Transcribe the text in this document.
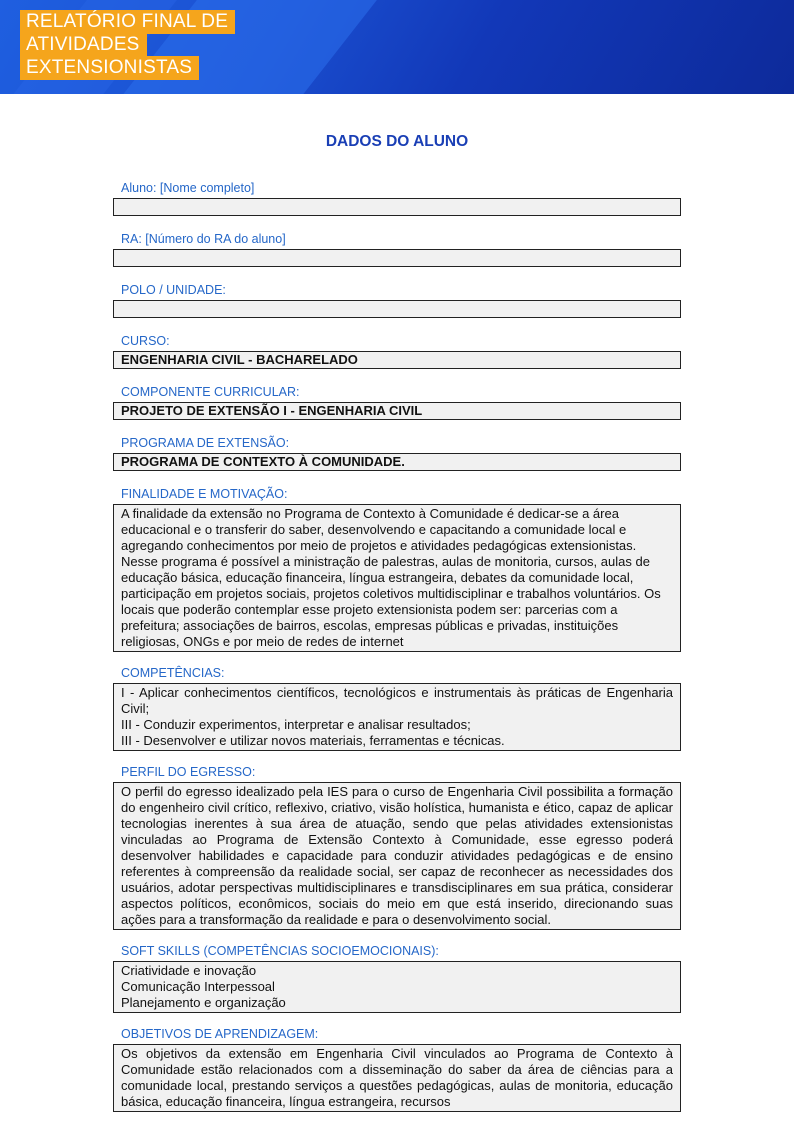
RELATÓRIO FINAL DE
ATIVIDADES
EXTENSIONISTAS
DADOS DO ALUNO
Aluno: [Nome completo]
RA: [Número do RA do aluno]
POLO / UNIDADE:
CURSO:
ENGENHARIA CIVIL - BACHARELADO
COMPONENTE CURRICULAR:
PROJETO DE EXTENSÃO I - ENGENHARIA CIVIL
PROGRAMA DE EXTENSÃO:
PROGRAMA DE CONTEXTO À COMUNIDADE.
FINALIDADE E MOTIVAÇÃO:
A finalidade da extensão no Programa de Contexto à Comunidade é dedicar-se a área educacional e o transferir do saber, desenvolvendo e capacitando a comunidade local e agregando conhecimentos por meio de projetos e atividades pedagógicas extensionistas. Nesse programa é possível a ministração de palestras, aulas de monitoria, cursos, aulas de educação básica, educação financeira, língua estrangeira, debates da comunidade local, participação em projetos sociais, projetos coletivos multidisciplinar e trabalhos voluntários. Os locais que poderão contemplar esse projeto extensionista podem ser: parcerias com a prefeitura; associações de bairros, escolas, empresas públicas e privadas, instituições religiosas, ONGs e por meio de redes de internet
COMPETÊNCIAS:
I - Aplicar conhecimentos científicos, tecnológicos e instrumentais às práticas de Engenharia Civil;
III - Conduzir experimentos, interpretar e analisar resultados;
III - Desenvolver e utilizar novos materiais, ferramentas e técnicas.
PERFIL DO EGRESSO:
O perfil do egresso idealizado pela IES para o curso de Engenharia Civil possibilita a formação do engenheiro civil crítico, reflexivo, criativo, visão holística, humanista e ético, capaz de aplicar tecnologias inerentes à sua área de atuação, sendo que pelas atividades extensionistas vinculadas ao Programa de Extensão Contexto à Comunidade, esse egresso poderá desenvolver habilidades e capacidade para conduzir atividades pedagógicas e de ensino referentes à compreensão da realidade social, ser capaz de reconhecer as necessidades dos usuários, adotar perspectivas multidisciplinares e transdisciplinares em sua prática, considerar aspectos políticos, econômicos, sociais do meio em que está inserido, direcionando suas ações para a transformação da realidade e para o desenvolvimento social.
SOFT SKILLS (COMPETÊNCIAS SOCIOEMOCIONAIS):
Criatividade e inovação
Comunicação Interpessoal
Planejamento e organização
OBJETIVOS DE APRENDIZAGEM:
Os objetivos da extensão em Engenharia Civil vinculados ao Programa de Contexto à Comunidade estão relacionados com a disseminação do saber da área de ciências para a comunidade local, prestando serviços a questões pedagógicas, aulas de monitoria, educação básica, educação financeira, língua estrangeira, recursos
